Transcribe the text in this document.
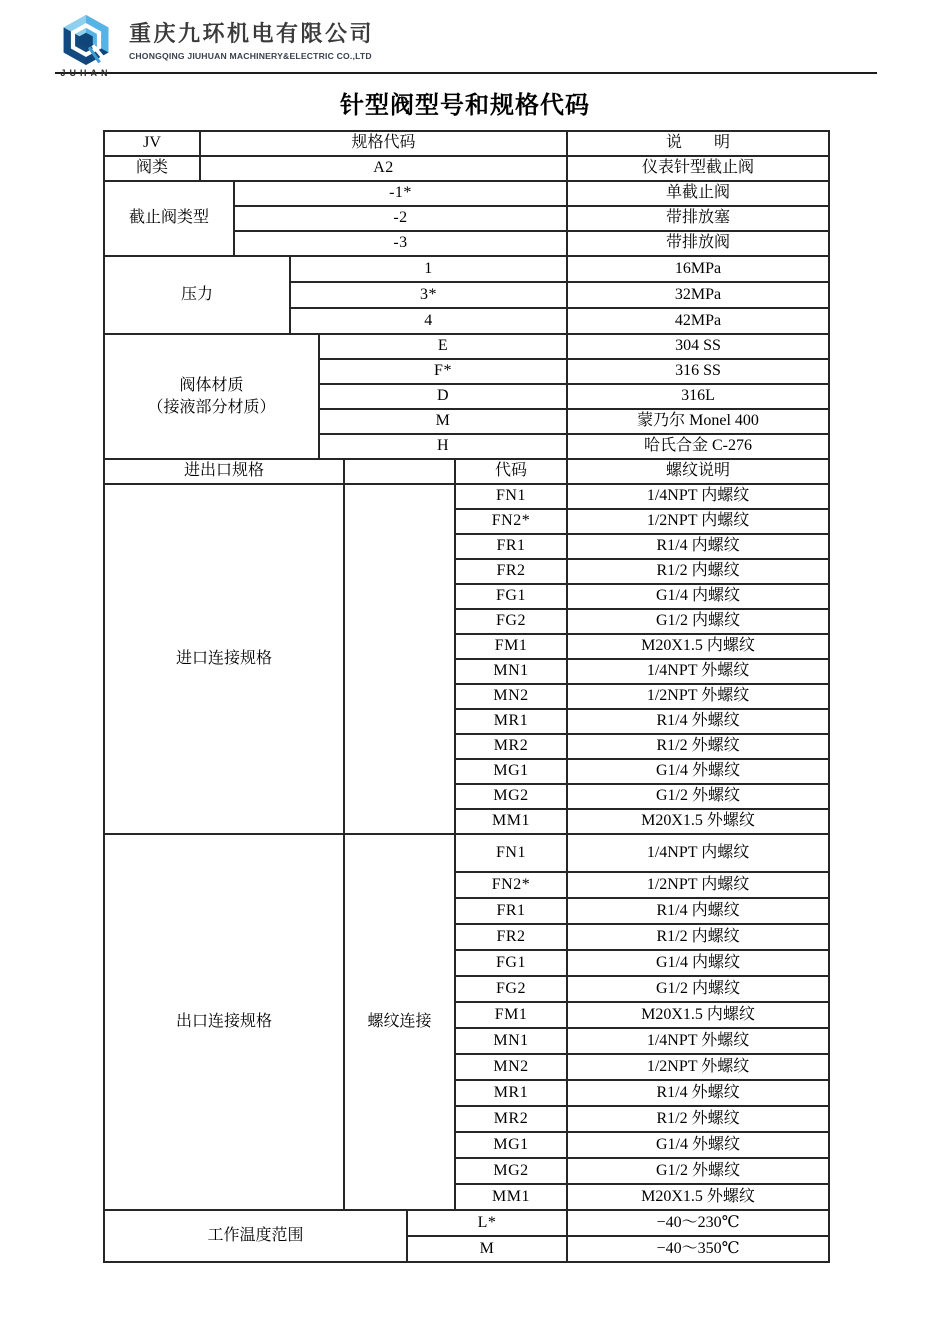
JUHAN
重庆九环机电有限公司
CHONGQING JIUHUAN MACHINERY&ELECTRIC CO.,LTD
针型阀型号和规格代码
JV	规格代码							说　　明
阀类	A2							仪表针型截止阀
截止阀类型		-1*						单截止阀
		-2						带排放塞
		-3						带排放阀
压力			1					16MPa
			3*					32MPa
			4					42MPa

阀体材质
（接液部分材质）				E				304 SS
				F*				316 SS
				D				316L
				M				蒙乃尔 Monel 400
				H				哈氏合金 C-276
进出口规格							代码	螺纹说明
进口连接规格							FN1	1/4NPT 内螺纹
							FN2*	1/2NPT 内螺纹
							FR1	R1/4 内螺纹
							FR2	R1/2 内螺纹
							FG1	G1/4 内螺纹
							FG2	G1/2 内螺纹
							FM1	M20X1.5 内螺纹
							MN1	1/4NPT 外螺纹
							MN2	1/2NPT 外螺纹
							MR1	R1/4 外螺纹
							MR2	R1/2 外螺纹
							MG1	G1/4 外螺纹
							MG2	G1/2 外螺纹
							MM1	M20X1.5 外螺纹
出口连接规格					螺纹连接		FN1	1/4NPT 内螺纹
							FN2*	1/2NPT 内螺纹
							FR1	R1/4 内螺纹
							FR2	R1/2 内螺纹
							FG1	G1/4 内螺纹
							FG2	G1/2 内螺纹
							FM1	M20X1.5 内螺纹
							MN1	1/4NPT 外螺纹
							MN2	1/2NPT 外螺纹
							MR1	R1/4 外螺纹
							MR2	R1/2 外螺纹
							MG1	G1/4 外螺纹
							MG2	G1/2 外螺纹
							MM1	M20X1.5 外螺纹
工作温度范围						L*		−40～230℃
						M		−40～350℃
